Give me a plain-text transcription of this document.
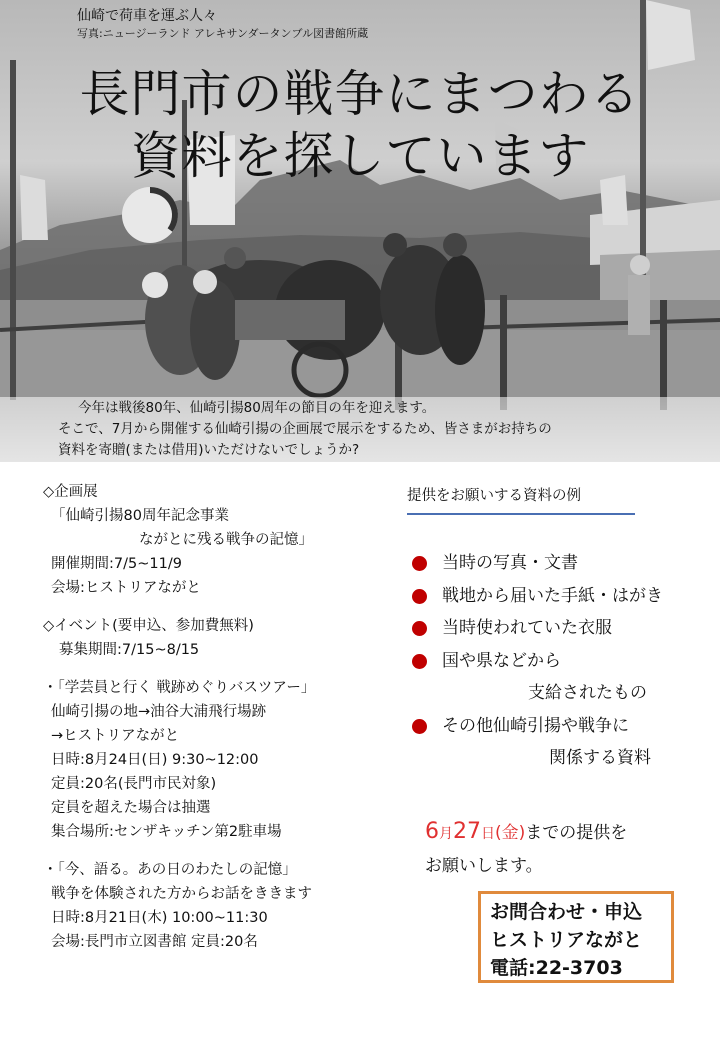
仙崎で荷車を運ぶ人々
写真:ニュージーランド アレキサンダータンブル図書館所蔵
長門市の戦争にまつわる
資料を探しています

今年は戦後80年、仙崎引揚80周年の節目の年を迎えます。

そこで、7月から開催する仙崎引揚の企画展で展示をするため、皆さまがお持ちの

資料を寄贈(または借用)いただけないでしょうか?

◇企画展
「仙崎引揚80周年記念事業
ながとに残る戦争の記憶」
開催期間:7/5~11/9
会場:ヒストリアながと
◇イベント(要申込、参加費無料)
募集期間:7/15~8/15
・「学芸員と行く 戦跡めぐりバスツアー」
仙崎引揚の地→油谷大浦飛行場跡
→ヒストリアながと
日時:8月24日(日) 9:30~12:00
定員:20名(長門市民対象)
定員を超えた場合は抽選
集合場所:センザキッチン第2駐車場
・「今、語る。あの日のわたしの記憶」
戦争を体験された方からお話をききます
日時:8月21日(木) 10:00~11:30
会場:長門市立図書館 定員:20名
提供をお願いする資料の例
当時の写真・文書
戦地から届いた手紙・はがき
当時使われていた衣服
国や県などから
支給されたもの
その他仙崎引揚や戦争に
関係する資料
6月27日(金)までの提供を
お願いします。
お問合わせ・申込
ヒストリアながと
電話:22-3703
